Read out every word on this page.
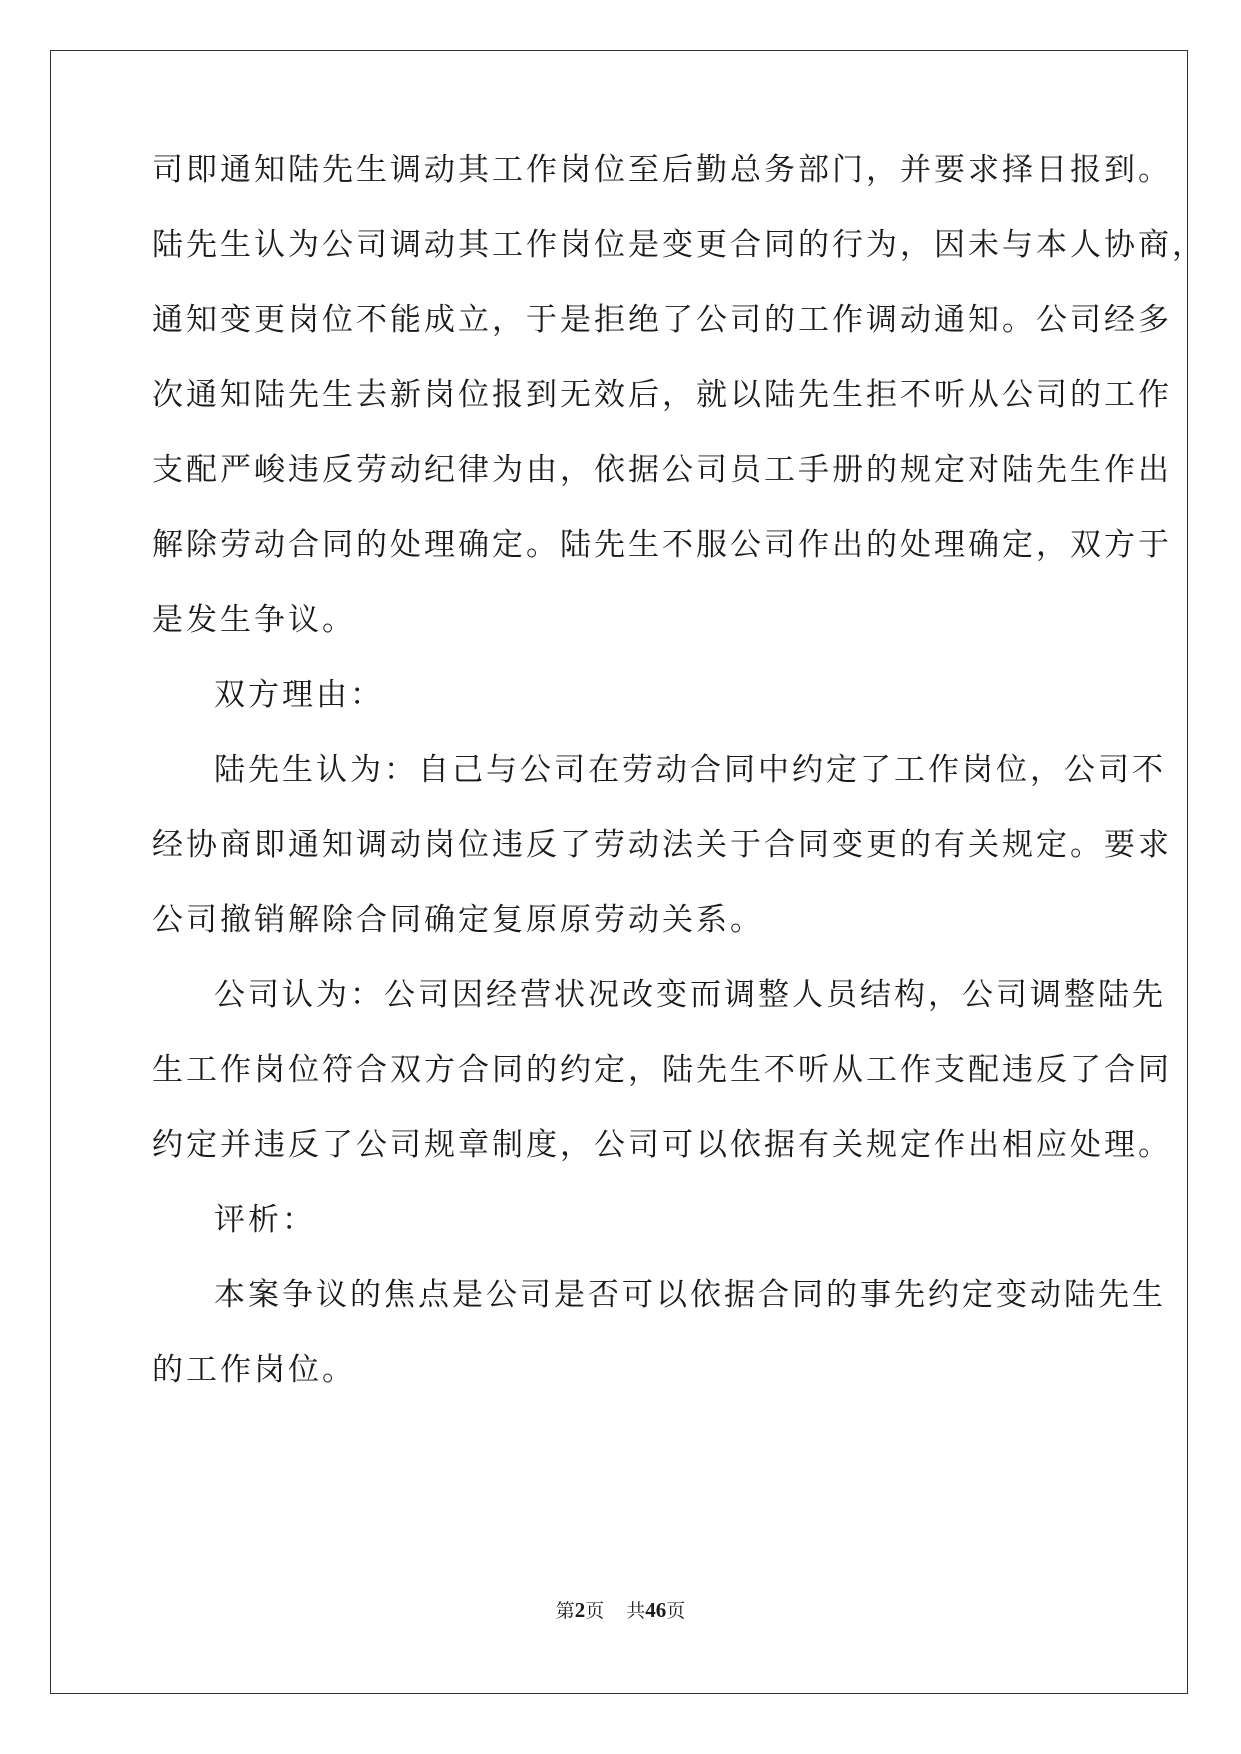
司即通知陆先生调动其工作岗位至后勤总务部门，并要求择日报到。
陆先生认为公司调动其工作岗位是变更合同的行为，因未与本人协商，
通知变更岗位不能成立，于是拒绝了公司的工作调动通知。公司经多
次通知陆先生去新岗位报到无效后，就以陆先生拒不听从公司的工作
支配严峻违反劳动纪律为由，依据公司员工手册的规定对陆先生作出
解除劳动合同的处理确定。陆先生不服公司作出的处理确定，双方于
是发生争议。
双方理由：
陆先生认为：自己与公司在劳动合同中约定了工作岗位，公司不
经协商即通知调动岗位违反了劳动法关于合同变更的有关规定。要求
公司撤销解除合同确定复原原劳动关系。
公司认为：公司因经营状况改变而调整人员结构，公司调整陆先
生工作岗位符合双方合同的约定，陆先生不听从工作支配违反了合同
约定并违反了公司规章制度，公司可以依据有关规定作出相应处理。
评析：
本案争议的焦点是公司是否可以依据合同的事先约定变动陆先生
的工作岗位。
第2页 共46页
